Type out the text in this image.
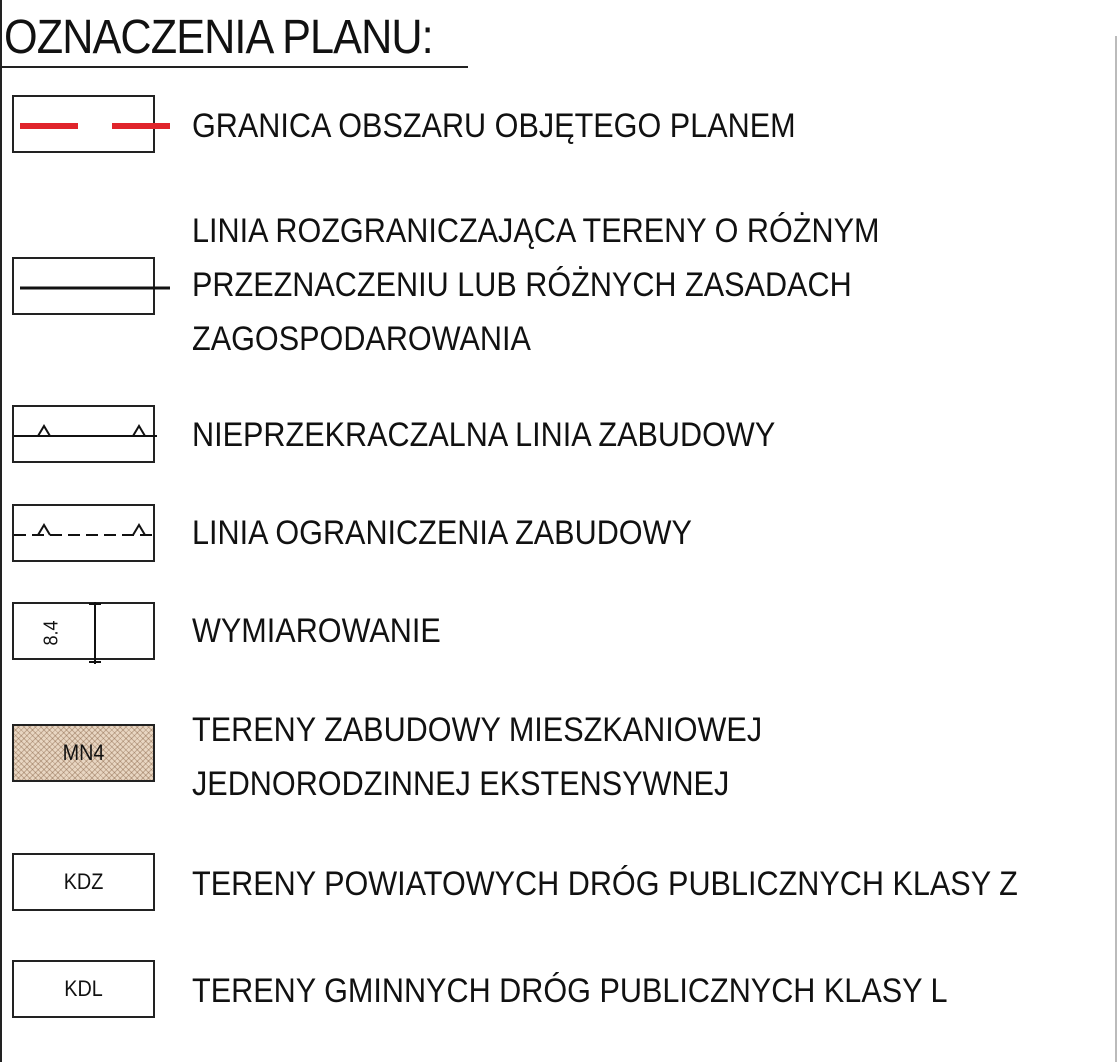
OZNACZENIA PLANU:
GRANICA OBSZARU OBJĘTEGO PLANEM
LINIA ROZGRANICZAJĄCA TERENY O RÓŻNYM
PRZEZNACZENIU LUB RÓŻNYCH ZASADACH
ZAGOSPODAROWANIA
NIEPRZEKRACZALNA LINIA ZABUDOWY
LINIA OGRANICZENIA ZABUDOWY
8.4	WYMIAROWANIE
MN4
TERENY ZABUDOWY MIESZKANIOWEJ
JEDNORODZINNEJ EKSTENSYWNEJ
KDZ	TERENY POWIATOWYCH DRÓG PUBLICZNYCH KLASY Z
KDL	TERENY GMINNYCH DRÓG PUBLICZNYCH KLASY L
